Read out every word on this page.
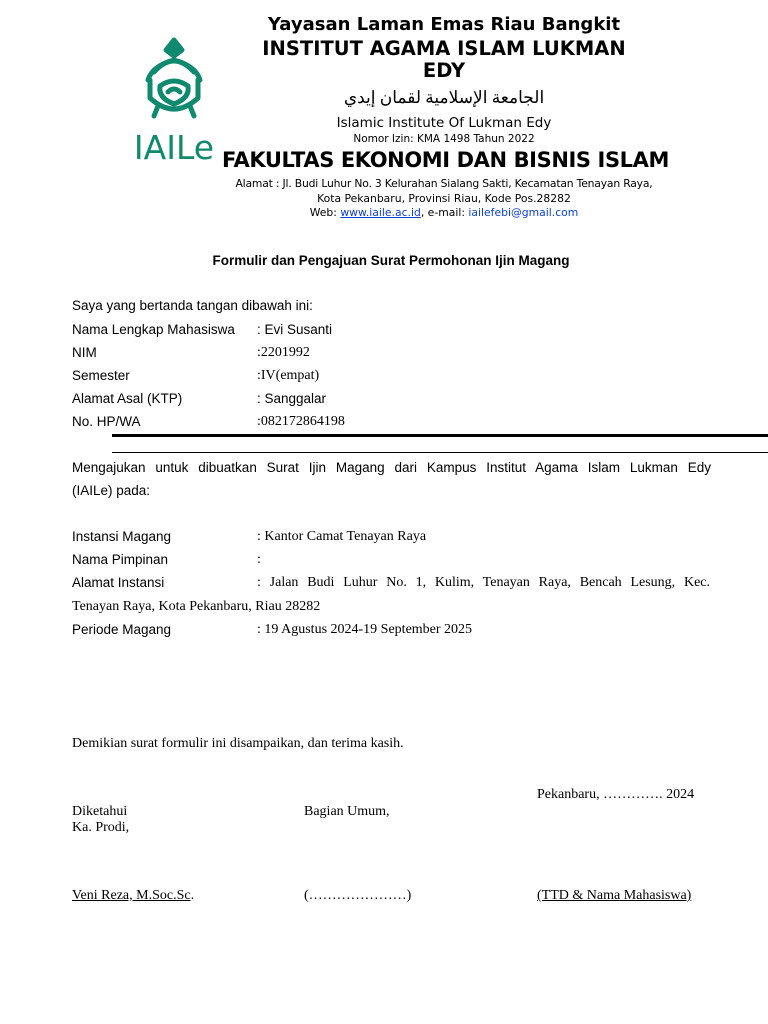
IAILe
Yayasan Laman Emas Riau Bangkit
INSTITUT AGAMA ISLAM LUKMAN
EDY
الجامعة الإسلامية لقمان إيدي
Islamic Institute Of Lukman Edy
Nomor Izin: KMA 1498 Tahun 2022
FAKULTAS EKONOMI DAN BISNIS ISLAM
Alamat : Jl. Budi Luhur No. 3 Kelurahan Sialang Sakti, Kecamatan Tenayan Raya,
Kota Pekanbaru, Provinsi Riau, Kode Pos.28282
Web: www.iaile.ac.id, e-mail: iailefebi@gmail.com
Formulir dan Pengajuan Surat Permohonan Ijin Magang
Saya yang bertanda tangan dibawah ini:
Nama Lengkap Mahasiswa : Evi Susanti
NIM	:2201992
Semester	:IV(empat)
Alamat Asal (KTP)	: Sanggalar
No. HP/WA	:082172864198
Mengajukan untuk dibuatkan Surat Ijin Magang dari Kampus Institut Agama Islam Lukman Edy
(IAILe) pada:
Instansi Magang	: Kantor Camat Tenayan Raya
Nama Pimpinan	:
Alamat Instansi	: Jalan Budi Luhur No. 1, Kulim, Tenayan Raya, Bencah Lesung, Kec.
Tenayan Raya, Kota Pekanbaru, Riau 28282
Periode Magang	: 19 Agustus 2024-19 September 2025
Demikian surat formulir ini disampaikan, dan terima kasih.
Pekanbaru, …………. 2024
Diketahui
Ka. Prodi,
Bagian Umum,
Veni Reza, M.Soc.Sc.	(…………………)	(TTD & Nama Mahasiswa)
